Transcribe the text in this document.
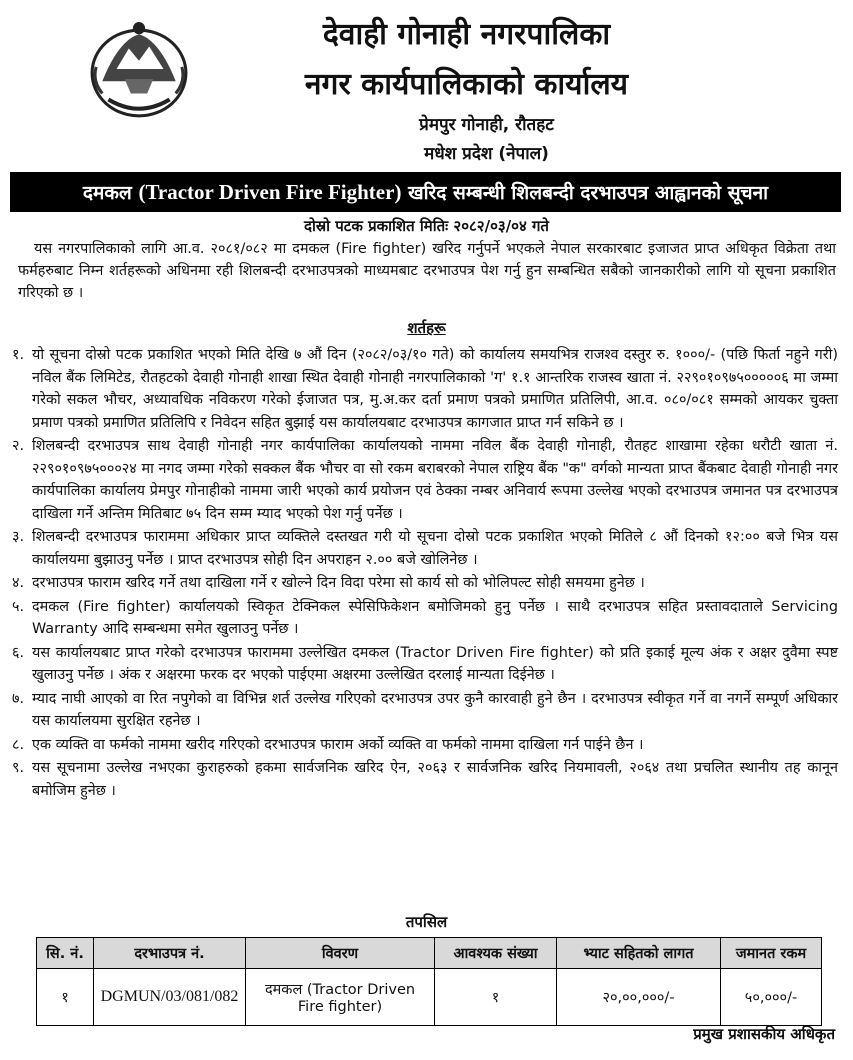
देवाही गोनाही नगरपालिका
नगर कार्यपालिकाको कार्यालय
प्रेमपुर गोनाही, रौतहट
मधेश प्रदेश (नेपाल)
दमकल
(Tractor Driven Fire Fighter)
खरिद सम्बन्धी शिलबन्दी दरभाउपत्र आह्वानको सूचना
दोस्रो पटक प्रकाशित मितिः २०८२/०३/०४ गते
यस नगरपालिकाको लागि आ.व. २०८१/०८२ मा दमकल (Fire fighter) खरिद गर्नुपर्ने भएकले नेपाल सरकारबाट इजाजत प्राप्त अधिकृत विक्रेता तथा फर्महरुबाट निम्न शर्तहरूको अधिनमा रही शिलबन्दी दरभाउपत्रको माध्यमबाट दरभाउपत्र पेश गर्नु हुन सम्बन्धित सबैको जानकारीको लागि यो सूचना प्रकाशित गरिएको छ ।
शर्तहरू
१. यो सूचना दोस्रो पटक प्रकाशित भएको मिति देखि ७ औं दिन (२०८२/०३/१० गते) को कार्यालय समयभित्र राजश्व दस्तुर रु. १०००/- (पछि फिर्ता नहुने गरी) नविल बैंक लिमिटेड, रौतहटको देवाही गोनाही शाखा स्थित देवाही गोनाही नगरपालिकाको 'ग' १.१ आन्तरिक राजस्व खाता नं. २२९०१०९७५०००००६ मा जम्मा गरेको सकल भौचर, अध्यावधिक नविकरण गरेको ईजाजत पत्र, मु.अ.कर दर्ता प्रमाण पत्रको प्रमाणित प्रतिलिपी, आ.व. ०८०/०८१ सम्मको आयकर चुक्ता प्रमाण पत्रको प्रमाणित प्रतिलिपि र निवेदन सहित बुझाई यस कार्यालयबाट दरभाउपत्र कागजात प्राप्त गर्न सकिने छ ।
२. शिलबन्दी दरभाउपत्र साथ देवाही गोनाही नगर कार्यपालिका कार्यालयको नाममा नविल बैंक देवाही गोनाही, रौतहट शाखामा रहेका धरौटी खाता नं. २२९०१०९७५०००२४ मा नगद जम्मा गरेको सक्कल बैंक भौचर वा सो रकम बराबरको नेपाल राष्ट्रिय बैंक "क" वर्गको मान्यता प्राप्त बैंकबाट देवाही गोनाही नगर कार्यपालिका कार्यालय प्रेमपुर गोनाहीको नाममा जारी भएको कार्य प्रयोजन एवं ठेक्का नम्बर अनिवार्य रूपमा उल्लेख भएको दरभाउपत्र जमानत पत्र दरभाउपत्र दाखिला गर्ने अन्तिम मितिबाट ७५ दिन सम्म म्याद भएको पेश गर्नु पर्नेछ ।
३. शिलबन्दी दरभाउपत्र फाराममा अधिकार प्राप्त व्यक्तिले दस्तखत गरी यो सूचना दोस्रो पटक प्रकाशित भएको मितिले ८ औं दिनको १२:०० बजे भित्र यस कार्यालयमा बुझाउनु पर्नेछ । प्राप्त दरभाउपत्र सोही दिन अपराहन २.०० बजे खोलिनेछ ।
४. दरभाउपत्र फाराम खरिद गर्ने तथा दाखिला गर्ने र खोल्ने दिन विदा परेमा सो कार्य सो को भोलिपल्ट सोही समयमा हुनेछ ।
५. दमकल (Fire fighter) कार्यालयको स्विकृत टेक्निकल स्पेसिफिकेशन बमोजिमको हुनु पर्नेछ । साथै दरभाउपत्र सहित प्रस्तावदाताले Servicing Warranty आदि सम्बन्धमा समेत खुलाउनु पर्नेछ ।
६. यस कार्यालयबाट प्राप्त गरेको दरभाउपत्र फाराममा उल्लेखित दमकल (Tractor Driven Fire fighter) को प्रति इकाई मूल्य अंक र अक्षर दुवैमा स्पष्ट खुलाउनु पर्नेछ । अंक र अक्षरमा फरक दर भएको पाईएमा अक्षरमा उल्लेखित दरलाई मान्यता दिईनेछ ।
७. म्याद नाघी आएको वा रित नपुगेको वा विभिन्न शर्त उल्लेख गरिएको दरभाउपत्र उपर कुनै कारवाही हुने छैन । दरभाउपत्र स्वीकृत गर्ने वा नगर्ने सम्पूर्ण अधिकार यस कार्यालयमा सुरक्षित रहनेछ ।
८. एक व्यक्ति वा फर्मको नाममा खरीद गरिएको दरभाउपत्र फाराम अर्को व्यक्ति वा फर्मको नाममा दाखिला गर्न पाईने छैन ।
९. यस सूचनामा उल्लेख नभएका कुराहरुको हकमा सार्वजनिक खरिद ऐन, २०६३ र सार्वजनिक खरिद नियमावली, २०६४ तथा प्रचलित स्थानीय तह कानून बमोजिम हुनेछ ।
तपसिल
सि. नं.	दरभाउपत्र नं.	विवरण	आवश्यक संख्या	भ्याट सहितको लागत	जमानत रकम
१	DGMUN/03/081/082	दमकल (Tractor Driven Fire fighter)	१	२०,००,०००/-	५०,०००/-
प्रमुख प्रशासकीय अधिकृत
